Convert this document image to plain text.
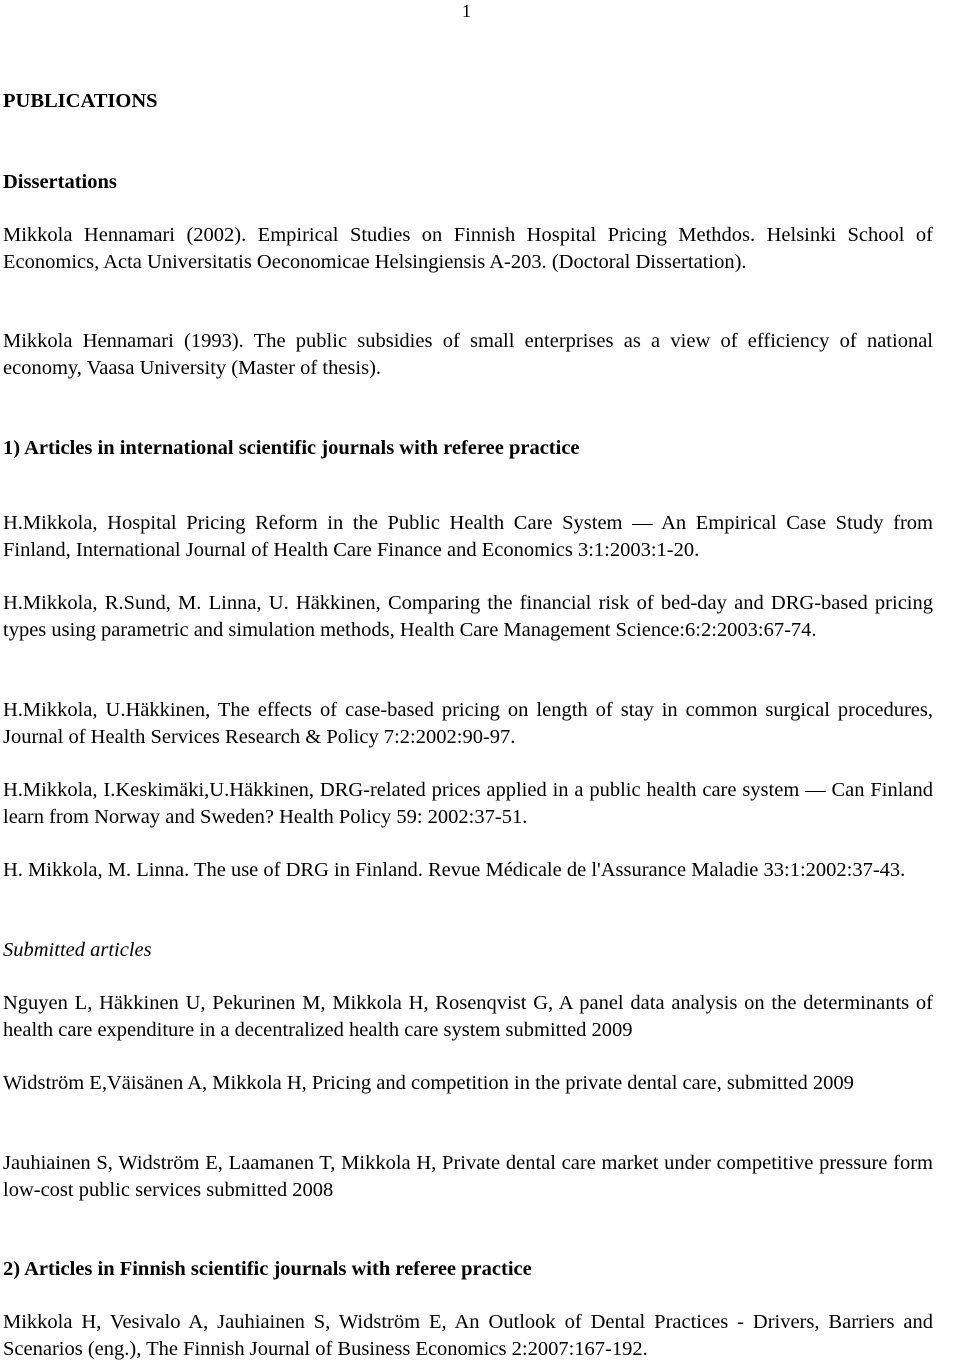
1
PUBLICATIONS
Dissertations
Mikkola Hennamari (2002). Empirical Studies on Finnish Hospital Pricing Methdos. Helsinki School of Economics, Acta Universitatis Oeconomicae Helsingiensis A-203. (Doctoral Dissertation).
Mikkola Hennamari (1993). The public subsidies of small enterprises as a view of efficiency of national economy, Vaasa University (Master of thesis).
1) Articles in international scientific journals with referee practice
H.Mikkola, Hospital Pricing Reform in the Public Health Care System — An Empirical Case Study from Finland, International Journal of Health Care Finance and Economics 3:1:2003:1-20.
H.Mikkola, R.Sund, M. Linna, U. Häkkinen, Comparing the financial risk of bed-day and DRG-based pricing types using parametric and simulation methods, Health Care Management Science:6:2:2003:67-74.
H.Mikkola, U.Häkkinen, The effects of case-based pricing on length of stay in common surgical procedures, Journal of Health Services Research & Policy 7:2:2002:90-97.
H.Mikkola, I.Keskimäki,U.Häkkinen, DRG-related prices applied in a public health care system — Can Finland learn from Norway and Sweden? Health Policy 59: 2002:37-51.
H. Mikkola, M. Linna. The use of DRG in Finland. Revue Médicale de l'Assurance Maladie 33:1:2002:37-43.
Submitted articles
Nguyen L, Häkkinen U, Pekurinen M, Mikkola H, Rosenqvist G, A panel data analysis on the determinants of health care expenditure in a decentralized health care system submitted 2009
Widström E,Väisänen A, Mikkola H, Pricing and competition in the private dental care, submitted 2009
Jauhiainen S, Widström E, Laamanen T, Mikkola H, Private dental care market under competitive pressure form low-cost public services submitted 2008
2) Articles in Finnish scientific journals with referee practice
Mikkola H, Vesivalo A, Jauhiainen S, Widström E, An Outlook of Dental Practices - Drivers, Barriers and Scenarios (eng.), The Finnish Journal of Business Economics 2:2007:167-192.
